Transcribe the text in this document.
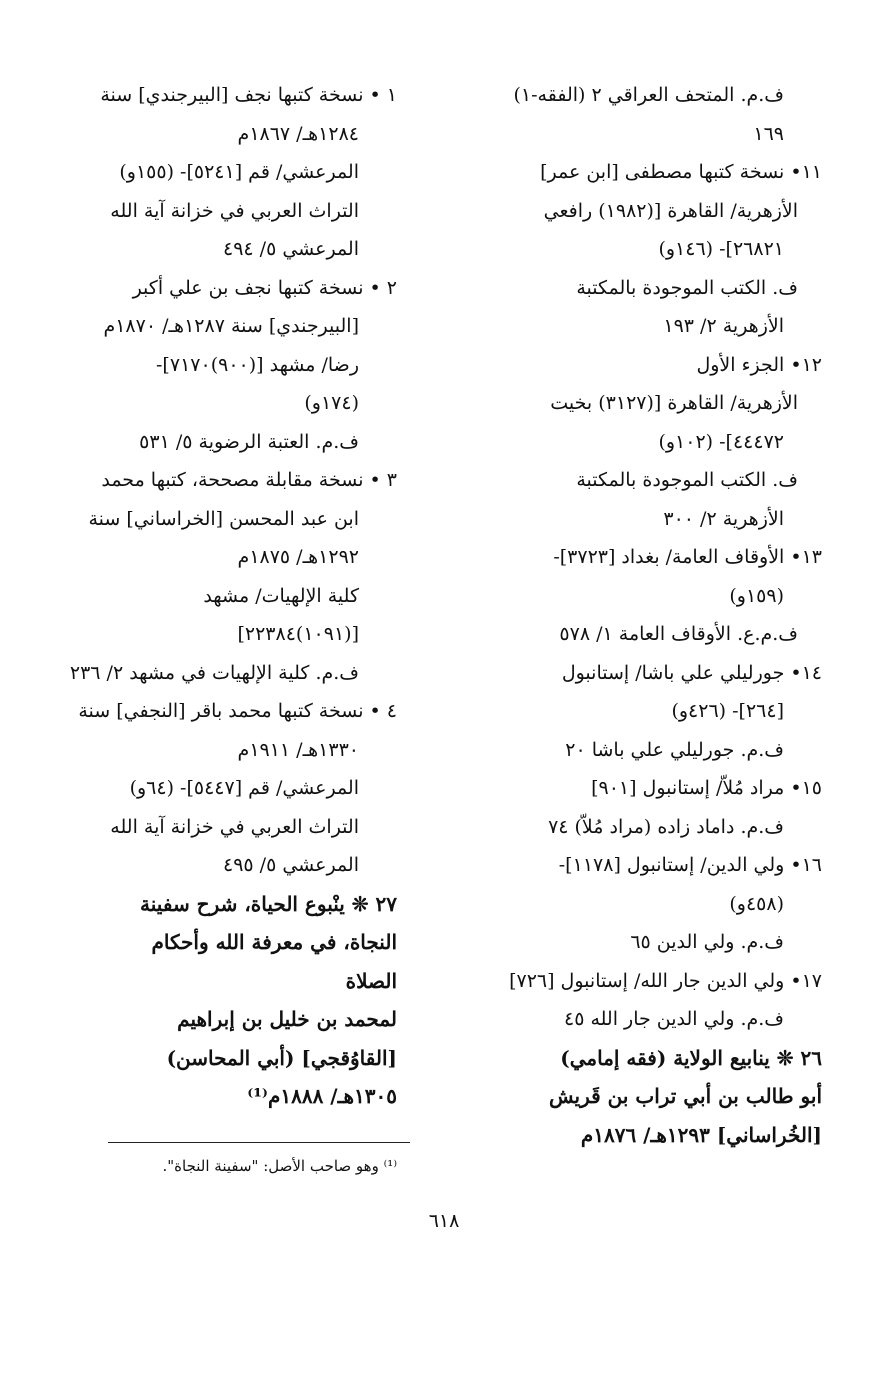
ف.م. المتحف العراقي ٢ (الفقه-١)
١٦٩
١١• نسخة كتبها مصطفى [ابن عمر]
الأزهرية/ القاهرة [(١٩٨٢) رافعي
٢٦٨٢١]- (١٤٦و)
ف. الكتب الموجودة بالمكتبة
الأزهرية ٢/ ١٩٣
١٢• الجزء الأول
الأزهرية/ القاهرة [(٣١٢٧) بخيت
٤٤٤٧٢]- (١٠٢و)
ف. الكتب الموجودة بالمكتبة
الأزهرية ٢/ ٣٠٠
١٣• الأوقاف العامة/ بغداد [٣٧٢٣]-
(١٥٩و)
ف.م.ع. الأوقاف العامة ١/ ٥٧٨
١٤• جورليلي علي باشا/ إستانبول
[٢٦٤]- (٤٢٦و)
ف.م. جورليلي علي باشا ٢٠
١٥• مراد مُلاّ/ إستانبول [٩٠١]
ف.م. داماد زاده (مراد مُلاّ) ٧٤
١٦• ولي الدين/ إستانبول [١١٧٨]-
(٤٥٨و)
ف.م. ولي الدين ٦٥
١٧• ولي الدين جار الله/ إستانبول [٧٢٦]
ف.م. ولي الدين جار الله ٤٥
٢٦ ❊ ينابيع الولاية (فقه إمامي)
أبو طالب بن أبي تراب بن قَريش
[الخُراساني] ١٢٩٣هـ/ ١٨٧٦م
١ • نسخة كتبها نجف [البيرجندي] سنة
١٢٨٤هـ/ ١٨٦٧م
المرعشي/ قم [٥٢٤١]- (١٥٥و)
التراث العربي في خزانة آية الله
المرعشي ٥/ ٤٩٤
٢ • نسخة كتبها نجف بن علي أكبر
[البيرجندي] سنة ١٢٨٧هـ/ ١٨٧٠م
رضا/ مشهد [(٩٠٠)٧١٧٠]-
(١٧٤و)
ف.م. العتبة الرضوية ٥/ ٥٣١
٣ • نسخة مقابلة مصححة، كتبها محمد
ابن عبد المحسن [الخراساني] سنة
١٢٩٢هـ/ ١٨٧٥م
كلية الإلهيات/ مشهد
[(١٠٩١)٢٢٣٨٤]
ف.م. كلية الإلهيات في مشهد ٢/ ٢٣٦
٤ • نسخة كتبها محمد باقر [النجفي] سنة
١٣٣٠هـ/ ١٩١١م
المرعشي/ قم [٥٤٤٧]- (٦٤و)
التراث العربي في خزانة آية الله
المرعشي ٥/ ٤٩٥
٢٧ ❊ ينْبوع الحياة، شرح سفينة
النجاة، في معرفة الله وأحكام
الصلاة
لمحمد بن خليل بن إبراهيم
[القاوُقجي] (أبي المحاسن)
١٣٠٥هـ/ ١٨٨٨م⁽¹⁾
⁽¹⁾ وهو صاحب الأصل: "سفينة النجاة".
٦١٨
